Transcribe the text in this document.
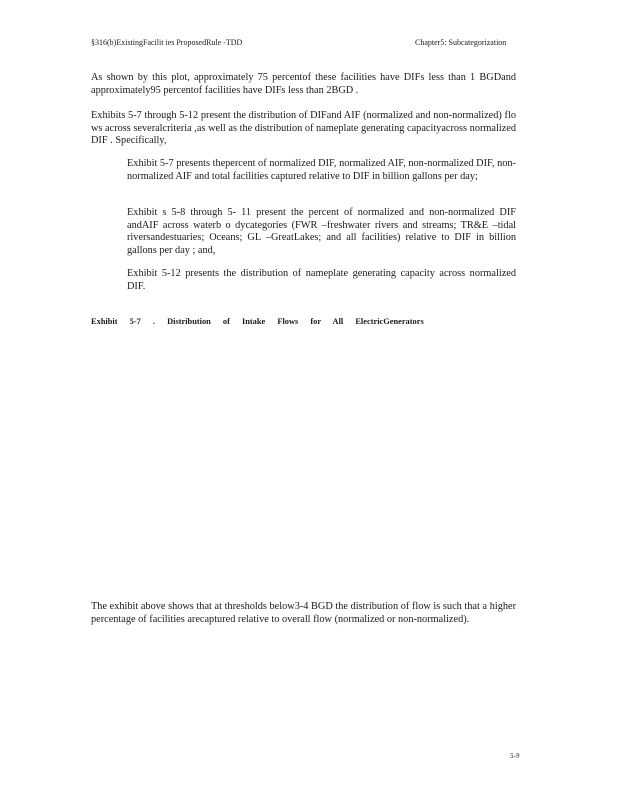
§316(b)ExistingFacilit ies ProposedRule -TDD	Chapter5: Subcategorization

As shown by this plot, approximately 75 percentof these facilities have DIFs less than 1 BGDand approximately95 percentof facilities have DIFs less than 2BGD .

Exhibits 5-7 through 5-12 present the distribution of DIFand AIF (normalized and non-normalized) flo ws across severalcriteria ,as well as the distribution of nameplate generating capacityacross normalized DIF . Specifically,

Exhibit 5-7 presents thepercent of normalized DIF, normalized AIF, non-normalized DIF, non- normalized AIF and total facilities captured relative to DIF in billion gallons per day;
Exhibit s 5-8 through 5- 11 present the percent of normalized and non-normalized DIF andAIF across waterb o dycategories (FWR –freshwater rivers and streams; TR&E –tidal riversandestuaries; Oceans; GL –GreatLakes; and all facilities) relative to DIF in billion gallons per day ; and,
Exhibit 5-12 presents the distribution of nameplate generating capacity across normalized DIF.
Exhibit 5-7 . Distribution of Intake Flows for All ElectricGenerators

The exhibit above shows that at thresholds below3-4 BGD the distribution of flow is such that a higher percentage of facilities arecaptured relative to overall flow (normalized or non-normalized).

5-9
